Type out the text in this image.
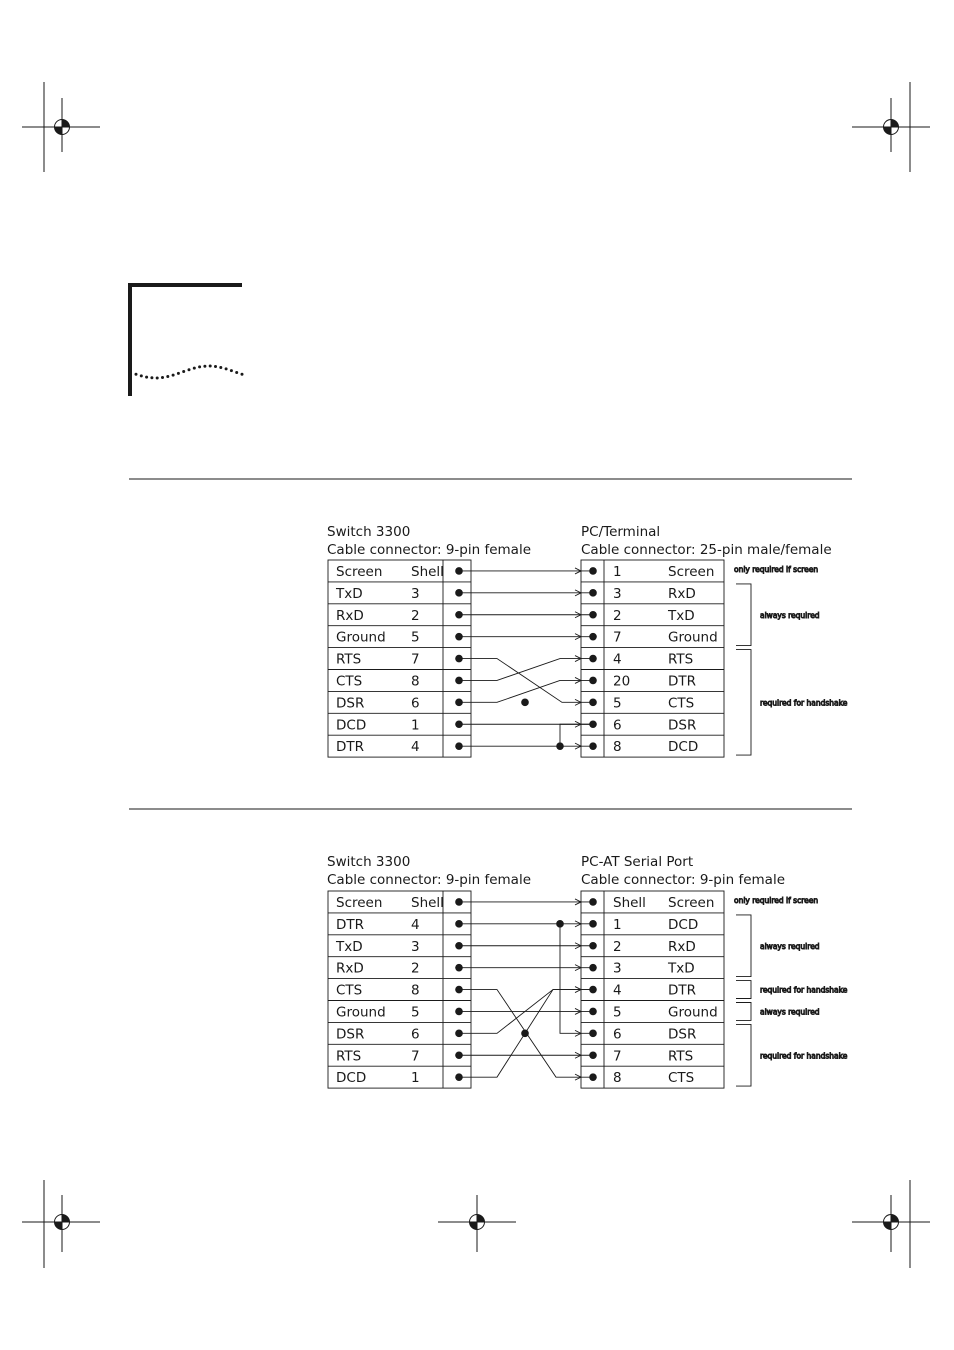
Switch 3300
Cable connector: 9-pin female
PC/Terminal
Cable connector: 25-pin male/female
Screen Shell
TxD	3
RxD	2
Ground 5
RTS	7
CTS	8
DSR	6
DCD	1
DTR	4
1	Screen
3	RxD
2	TxD
7	Ground
4	RTS
20	DTR
5	CTS
6	DSR
8	DCD
only required if screen
always required
required for handshake
Switch 3300
Cable connector: 9-pin female
PC-AT Serial Port
Cable connector: 9-pin female
Screen Shell
DTR	4
TxD	3
RxD	2
CTS	8
Ground 5
DSR	6
RTS	7
DCD	1
Shell Screen
1	DCD
2	RxD
3	TxD
4	DTR
5	Ground
6	DSR
7	RTS
8	CTS
only required if screen
always required
required for handshake
always required
required for handshake
